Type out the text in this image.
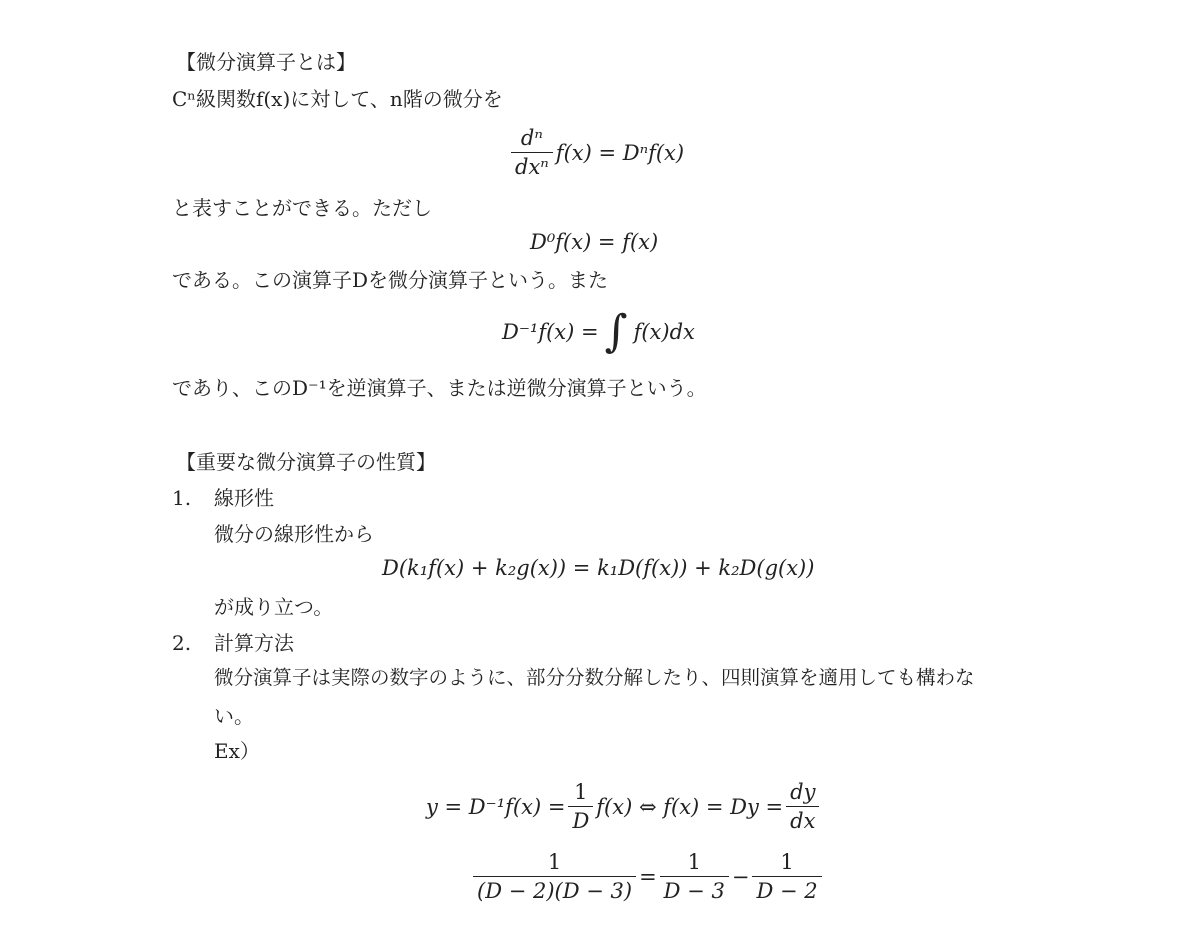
【微分演算子とは】
Cⁿ級関数f(x)に対して、n階の微分を
$\frac{\text{dⁿ}}{\text{dxⁿ}} f(x) = D^nf(x)$
と表すことができる。ただし
D⁰f(x) = f(x)
である。この演算子Dを微分演算子という。また
D⁻¹f(x) = ∫ f(x)dx
であり、このD⁻¹を逆演算子、または逆微分演算子という。
【重要な微分演算子の性質】
1. 線形性
微分の線形性から
D(k₁f(x) + k₂g(x)) = k₁D(f(x)) + k₂D(g(x))
が成り立つ。
2. 計算方法
微分演算子は実際の数字のように、部分分数分解したり、四則演算を適用しても構わな
い。
Ex）
$y = D^{-1}f(x) = \frac{1}{D} f(x)$ ⇔ $f(x) = Dy = \frac{dy}{dx}$
$\frac{1}{(D - 2)(D - 3)} = \frac{1}{D - 3} - \frac{1}{D - 2}$
